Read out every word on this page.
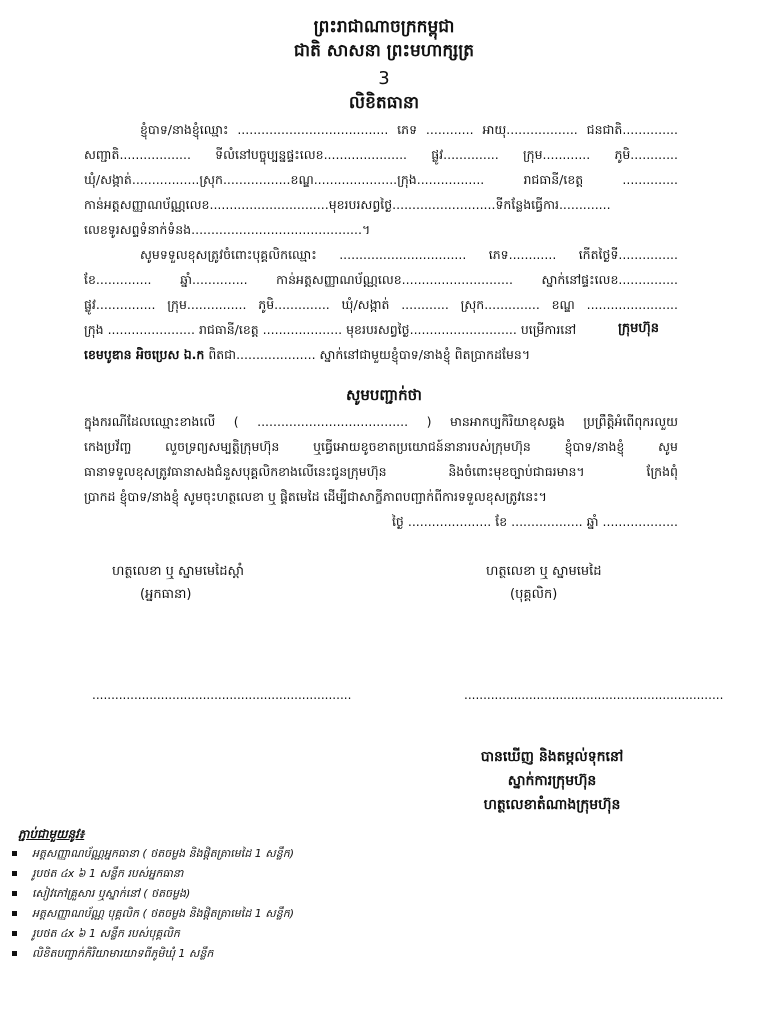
ព្រះរាជាណាចក្រកម្ពុជា
ជាតិ សាសនា ព្រះមហាក្សត្រ
3
លិខិតធានា
ខ្ញុំបាទ/នាងខ្ញុំឈ្មោះ ...................................... ភេទ ............ អាយុ.................. ជនជាតិ..............
សញ្ជាតិ.................. ទីលំនៅបច្ចុប្បន្នផ្ទះលេខ..................... ផ្លូវ.............. ក្រុម............ ភូមិ............
ឃុំ/សង្កាត់.................ស្រុក.................ខណ្ឌ.....................ក្រុង................. រាជធានី/ខេត្ត ..............
កាន់អត្តសញ្ញាណប័ណ្ណលេខ..............................មុខរបរសព្វថ្ងៃ..........................ទីកន្លែងធ្វើការ.............
លេខទូរសព្ទទំនាក់ទំនង...........................................។
សូមទទួលខុសត្រូវចំពោះបុគ្គលិកឈ្មោះ ................................ ភេទ............ កើតថ្ងៃទី...............
ខែ.............. ឆ្នាំ.............. កាន់អត្តសញ្ញាណប័ណ្ណលេខ............................ ស្នាក់នៅផ្ទះលេខ...............
ផ្លូវ............... ក្រុម............... ភូមិ.............. ឃុំ/សង្កាត់ ............ ស្រុក.............. ខណ្ឌ .......................
ក្រុង ...................... រាជធានី/ខេត្ត .................... មុខរបរសព្វថ្ងៃ........................... បម្រើការនៅ	ក្រុមហ៊ុន
ខេមបូឌាន អិចប្រេស ឯ.ក ពិតជា.................... ស្នាក់នៅជាមួយខ្ញុំបាទ/នាងខ្ញុំ ពិតប្រាកដមែន។
សូមបញ្ជាក់ថា
ក្នុងករណីដែលឈ្មោះខាងលើ ( ...................................... ) មានអាកប្បកិរិយាខុសឆ្គង ប្រព្រឹត្តិអំពើពុករលួយ
កេងប្រវ័ញ្ច លួចទ្រព្យសម្បត្តិក្រុមហ៊ុន ឬធ្វើអោយខូចខាតប្រយោជន៍នានារបស់ក្រុមហ៊ុន ខ្ញុំបាទ/នាងខ្ញុំ សូម
ធានាទទួលខុសត្រូវធានាសងជំនួសបុគ្គលិកខាងលើនេះជូនក្រុមហ៊ុន និងចំពោះមុខច្បាប់ជាធរមាន។ ក្រែងពុំ
ប្រាកដ ខ្ញុំបាទ/នាងខ្ញុំ សូមចុះហត្ថលេខា ឬ ផ្ដិតមេដៃ ដើម្បីជាសាក្ខីភាពបញ្ជាក់ពីការទទួលខុសត្រូវនេះ។
ថ្ងៃ ..................... ខែ .................. ឆ្នាំ ...................
ហត្ថលេខា ឬ ស្នាមមេដៃស្ដាំ
(អ្នកធានា)
ហត្ថលេខា ឬ ស្នាមមេដៃ
(បុគ្គលិក)
....................................................................	....................................................................
បានឃើញ និងតម្កល់ទុកនៅ
ស្នាក់ការក្រុមហ៊ុន
ហត្ថលេខាតំណាងក្រុមហ៊ុន
ភ្ជាប់ជាមួយនូវ៖
អត្តសញ្ញាណប័ណ្ណអ្នកធានា ( ថតចម្លង និងផ្តិតត្រាមេដៃ 1 សន្លឹក)
រូបថត ៤x ៦ 1 សន្លឹក របស់អ្នកធានា
សៀវភៅគ្រួសារ ឬស្នាក់នៅ ( ថតចម្លង)
អត្តសញ្ញាណប័ណ្ណ បុគ្គលិក ( ថតចម្លង និងផ្តិតត្រាមេដៃ 1 សន្លឹក)
រូបថត ៤x ៦ 1 សន្លឹក របស់បុគ្គលិក
លិខិតបញ្ជាក់កិរិយាមារយាទពីភូមិឃុំ 1 សន្លឹក
